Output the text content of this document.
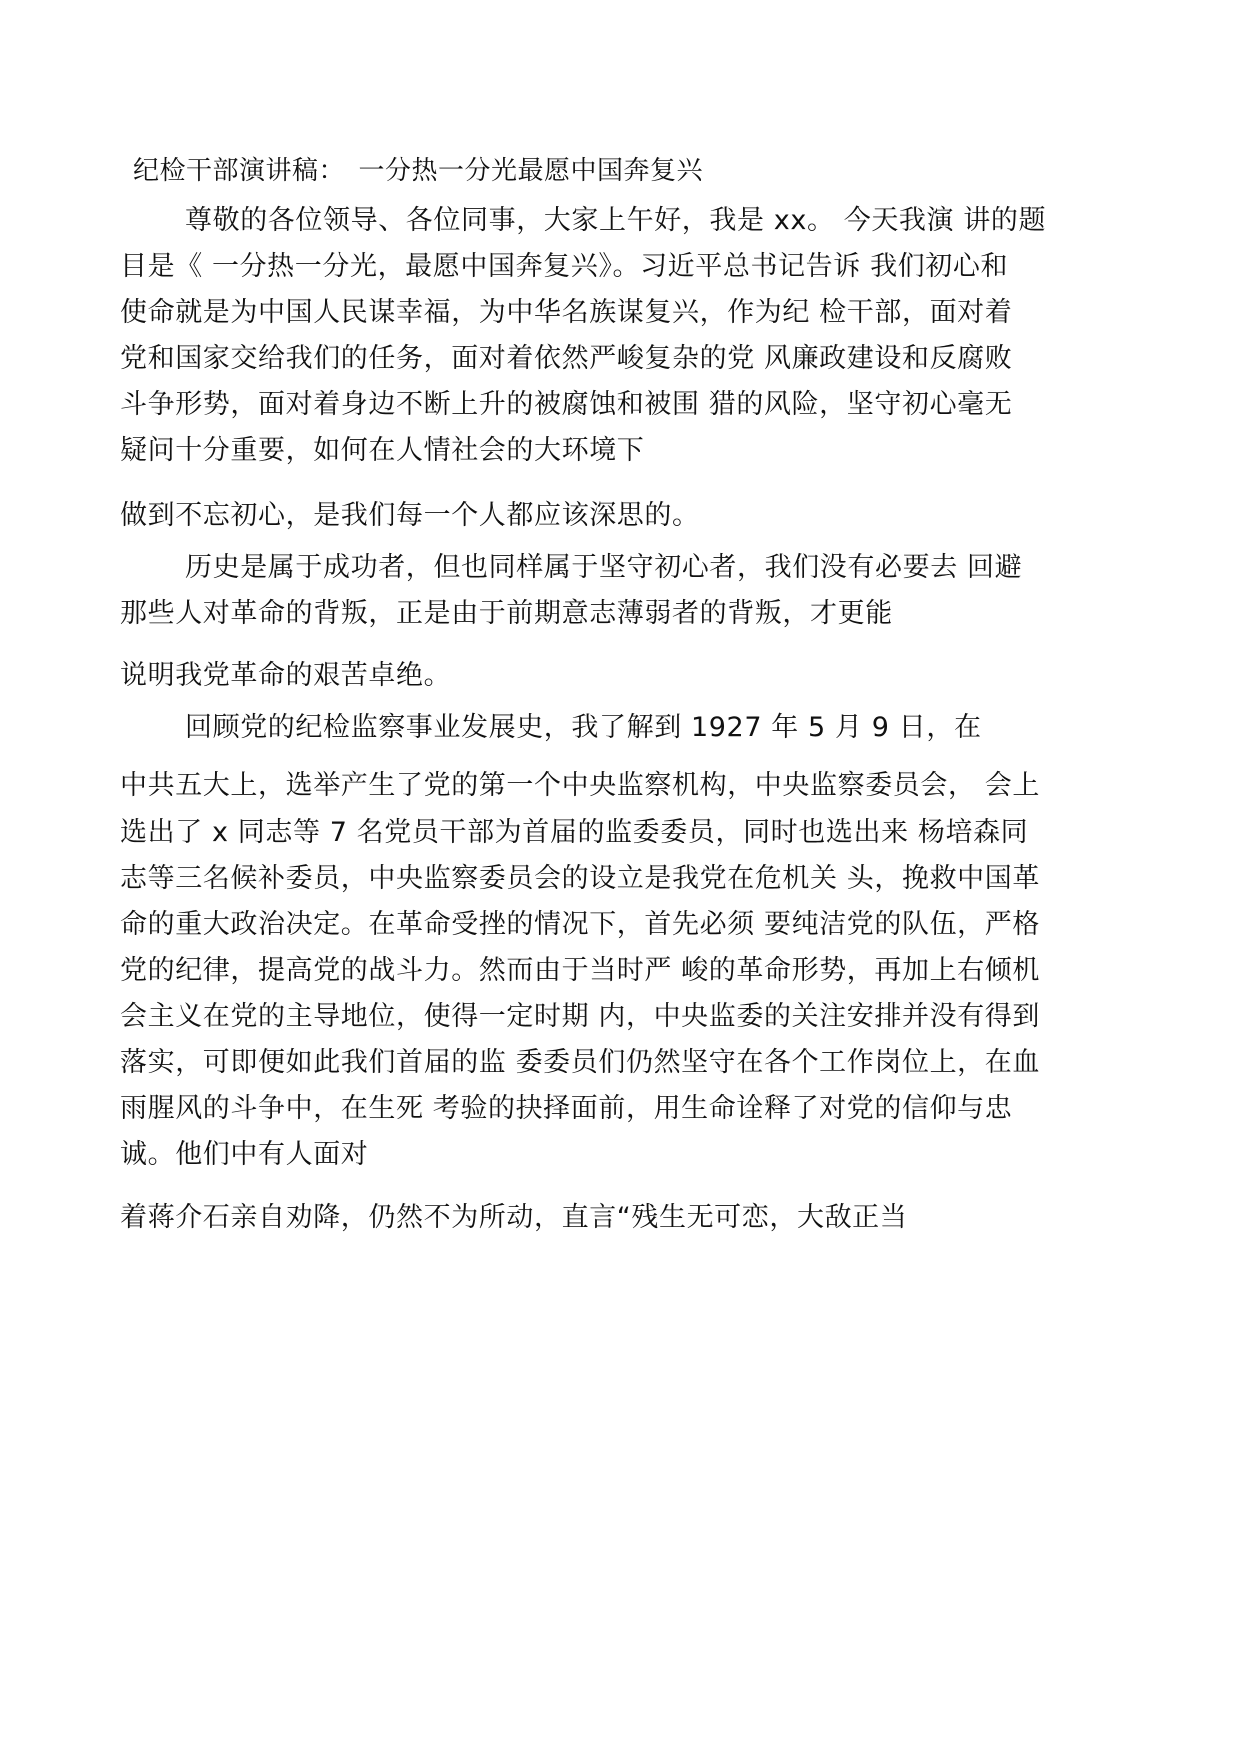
纪检干部演讲稿：　一分热一分光最愿中国奔复兴
尊敬的各位领导、各位同事，大家上午好，我是 xx。 今天我演 讲的题
目是《 一分热一分光，最愿中国奔复兴》。习近平总书记告诉 我们初心和
使命就是为中国人民谋幸福，为中华名族谋复兴，作为纪 检干部，面对着
党和国家交给我们的任务，面对着依然严峻复杂的党 风廉政建设和反腐败
斗争形势，面对着身边不断上升的被腐蚀和被围 猎的风险，坚守初心毫无
疑问十分重要，如何在人情社会的大环境下
做到不忘初心，是我们每一个人都应该深思的。
历史是属于成功者，但也同样属于坚守初心者，我们没有必要去 回避
那些人对革命的背叛，正是由于前期意志薄弱者的背叛，才更能
说明我党革命的艰苦卓绝。
回顾党的纪检监察事业发展史，我了解到 1927 年 5 月 9 日，在
中共五大上，选举产生了党的第一个中央监察机构，中央监察委员会， 会上
选出了 x 同志等 7 名党员干部为首届的监委委员，同时也选出来 杨培森同
志等三名候补委员，中央监察委员会的设立是我党在危机关 头，挽救中国革
命的重大政治决定。在革命受挫的情况下，首先必须 要纯洁党的队伍，严格
党的纪律，提高党的战斗力。然而由于当时严 峻的革命形势，再加上右倾机
会主义在党的主导地位，使得一定时期 内，中央监委的关注安排并没有得到
落实，可即便如此我们首届的监 委委员们仍然坚守在各个工作岗位上，在血
雨腥风的斗争中，在生死 考验的抉择面前，用生命诠释了对党的信仰与忠
诚。他们中有人面对
着蒋介石亲自劝降，仍然不为所动，直言“残生无可恋，大敌正当
